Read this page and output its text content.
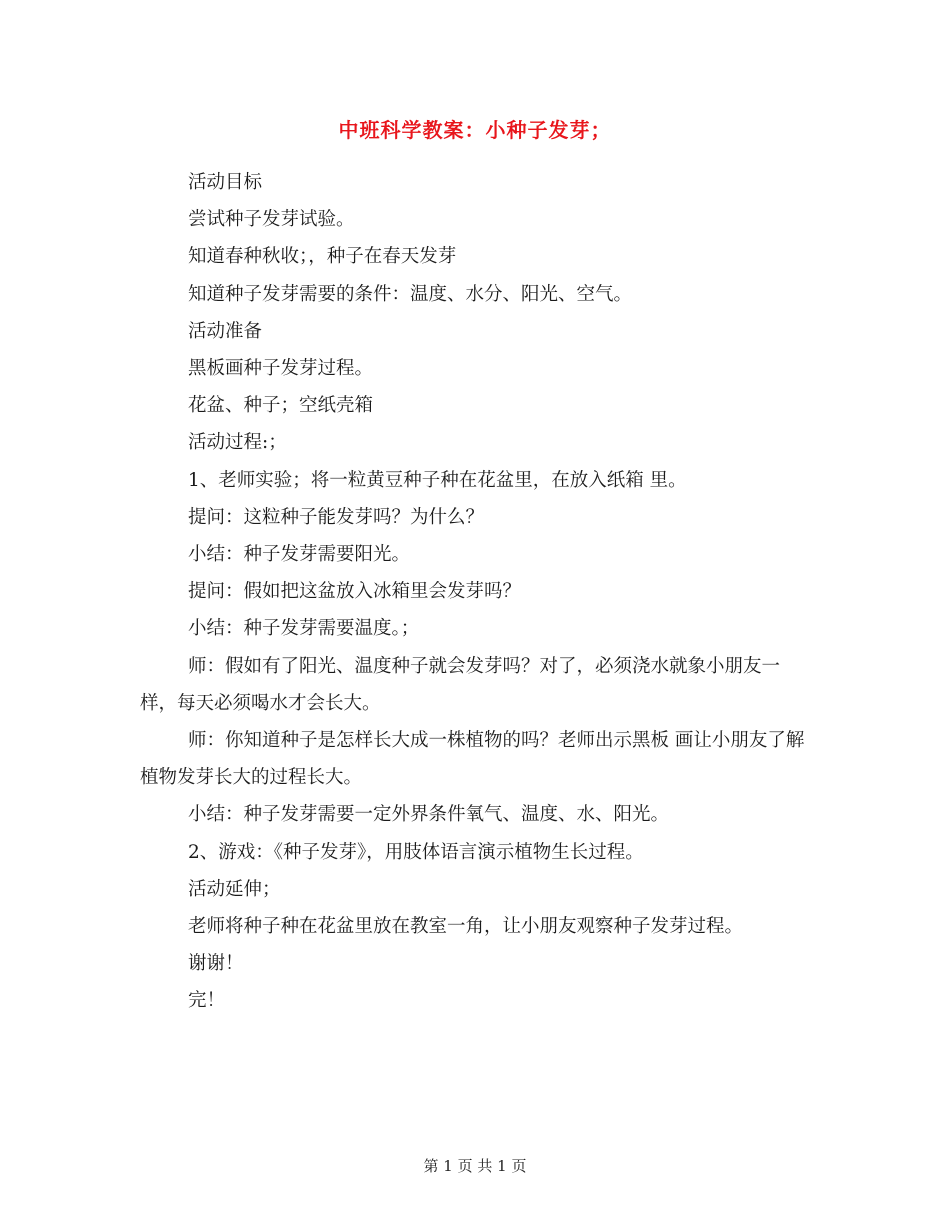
中班科学教案：小种子发芽；

活动目标

尝试种子发芽试验。

知道春种秋收；，种子在春天发芽

知道种子发芽需要的条件：温度、水分、阳光、空气。

活动准备

黑板画种子发芽过程。

花盆、种子；空纸壳箱

活动过程:；

1、老师实验；将一粒黄豆种子种在花盆里，在放入纸箱 里。

提问：这粒种子能发芽吗？为什么？

小结：种子发芽需要阳光。

提问：假如把这盆放入冰箱里会发芽吗？

小结：种子发芽需要温度。；

师：假如有了阳光、温度种子就会发芽吗？对了，必须浇水就象小朋友一样，每天必须喝水才会长大。

师：你知道种子是怎样长大成一株植物的吗？老师出示黑板 画让小朋友了解植物发芽长大的过程长大。

小结：种子发芽需要一定外界条件氧气、温度、水、阳光。

2、游戏：《种子发芽》，用肢体语言演示植物生长过程。

活动延伸；

老师将种子种在花盆里放在教室一角，让小朋友观察种子发芽过程。

谢谢！

完！

第 1 页 共 1 页
